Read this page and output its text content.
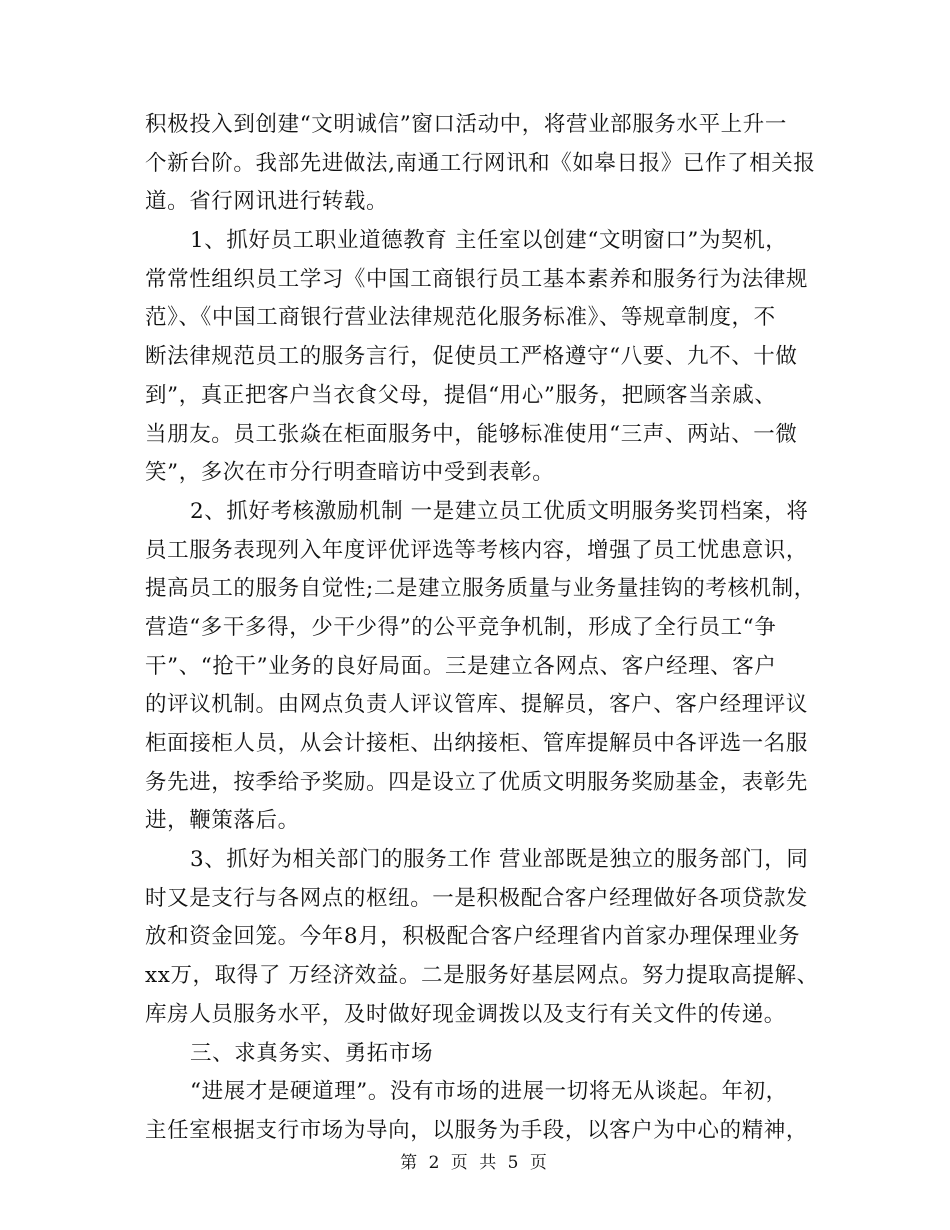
积极投入到创建“文明诚信”窗口活动中，将营业部服务水平上升一
个新台阶。我部先进做法,南通工行网讯和《如皋日报》已作了相关报
道。省行网讯进行转载。
1、抓好员工职业道德教育 主任室以创建“文明窗口”为契机，
常常性组织员工学习《中国工商银行员工基本素养和服务行为法律规
范》、《中国工商银行营业法律规范化服务标准》、等规章制度，不
断法律规范员工的服务言行，促使员工严格遵守“八要、九不、十做
到”，真正把客户当衣食父母，提倡“用心”服务，把顾客当亲戚、
当朋友。员工张焱在柜面服务中，能够标准使用“三声、两站、一微
笑”，多次在市分行明查暗访中受到表彰。
2、抓好考核激励机制 一是建立员工优质文明服务奖罚档案，将
员工服务表现列入年度评优评选等考核内容，增强了员工忧患意识，
提高员工的服务自觉性;二是建立服务质量与业务量挂钩的考核机制，
营造“多干多得，少干少得”的公平竞争机制，形成了全行员工“争
干”、“抢干”业务的良好局面。三是建立各网点、客户经理、客户
的评议机制。由网点负责人评议管库、提解员，客户、客户经理评议
柜面接柜人员，从会计接柜、出纳接柜、管库提解员中各评选一名服
务先进，按季给予奖励。四是设立了优质文明服务奖励基金，表彰先
进，鞭策落后。
3、抓好为相关部门的服务工作 营业部既是独立的服务部门，同
时又是支行与各网点的枢纽。一是积极配合客户经理做好各项贷款发
放和资金回笼。今年8月，积极配合客户经理省内首家办理保理业务
xx万，取得了 万经济效益。二是服务好基层网点。努力提取高提解、
库房人员服务水平，及时做好现金调拨以及支行有关文件的传递。
三、求真务实、勇拓市场
“进展才是硬道理”。没有市场的进展一切将无从谈起。年初，
主任室根据支行市场为导向，以服务为手段，以客户为中心的精神，
第 2 页 共 5 页
